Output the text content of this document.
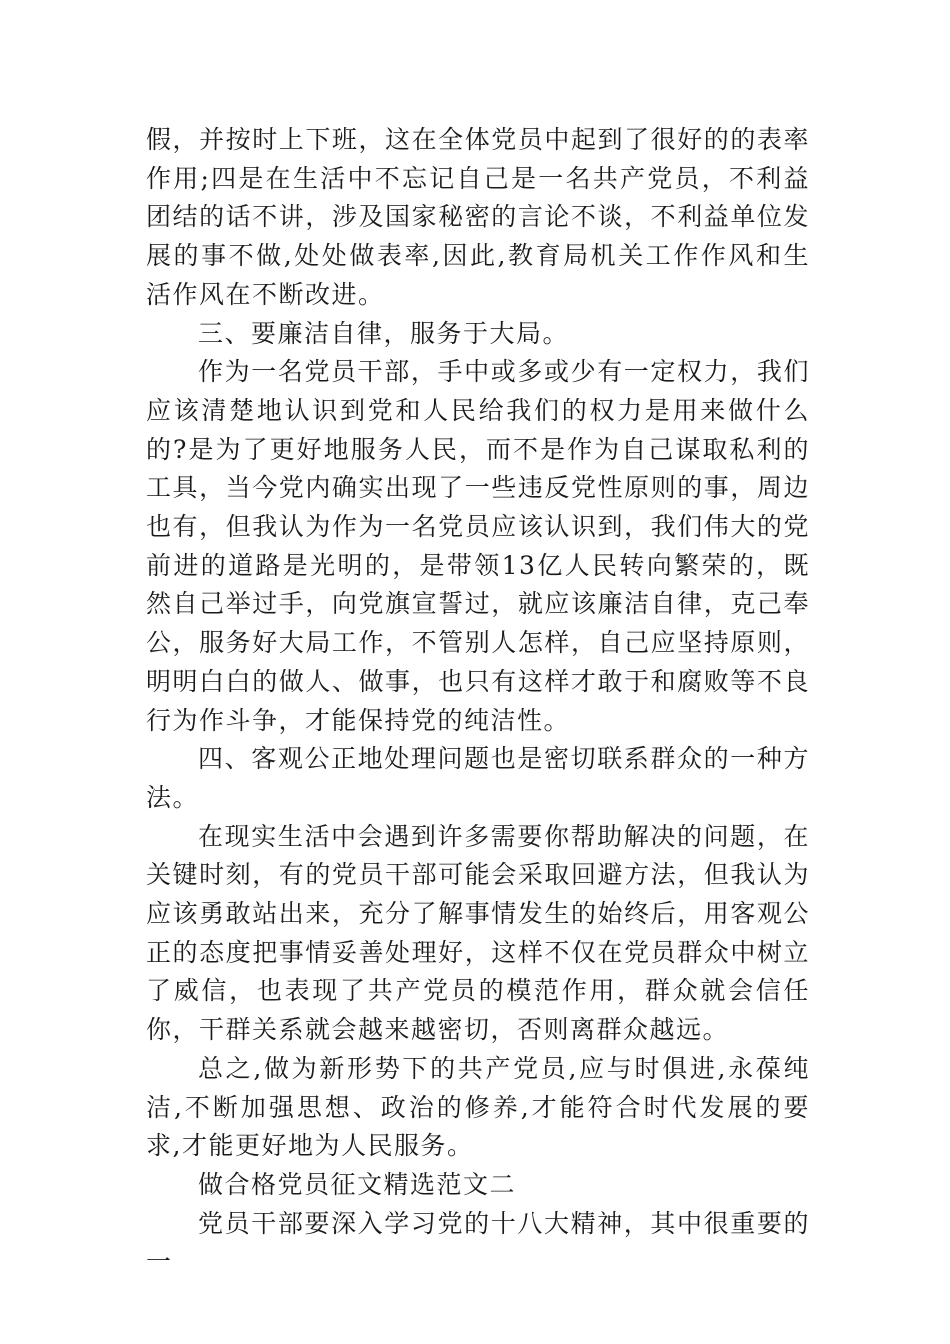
假，并按时上下班，这在全体党员中起到了很好的的表率作用;四是在生活中不忘记自己是一名共产党员，不利益团结的话不讲，涉及国家秘密的言论不谈，不利益单位发展的事不做,处处做表率,因此,教育局机关工作作风和生活作风在不断改进。

三、要廉洁自律，服务于大局。

作为一名党员干部，手中或多或少有一定权力，我们应该清楚地认识到党和人民给我们的权力是用来做什么的?是为了更好地服务人民，而不是作为自己谋取私利的工具，当今党内确实出现了一些违反党性原则的事，周边也有，但我认为作为一名党员应该认识到，我们伟大的党前进的道路是光明的，是带领13亿人民转向繁荣的，既然自己举过手，向党旗宣誓过，就应该廉洁自律，克己奉公，服务好大局工作，不管别人怎样，自己应坚持原则，明明白白的做人、做事，也只有这样才敢于和腐败等不良行为作斗争，才能保持党的纯洁性。

四、客观公正地处理问题也是密切联系群众的一种方法。

在现实生活中会遇到许多需要你帮助解决的问题，在关键时刻，有的党员干部可能会采取回避方法，但我认为应该勇敢站出来，充分了解事情发生的始终后，用客观公正的态度把事情妥善处理好，这样不仅在党员群众中树立了威信，也表现了共产党员的模范作用，群众就会信任你，干群关系就会越来越密切，否则离群众越远。

总之,做为新形势下的共产党员,应与时俱进,永葆纯洁,不断加强思想、政治的修养,才能符合时代发展的要求,才能更好地为人民服务。

做合格党员征文精选范文二

党员干部要深入学习党的十八大精神，其中很重要的一
